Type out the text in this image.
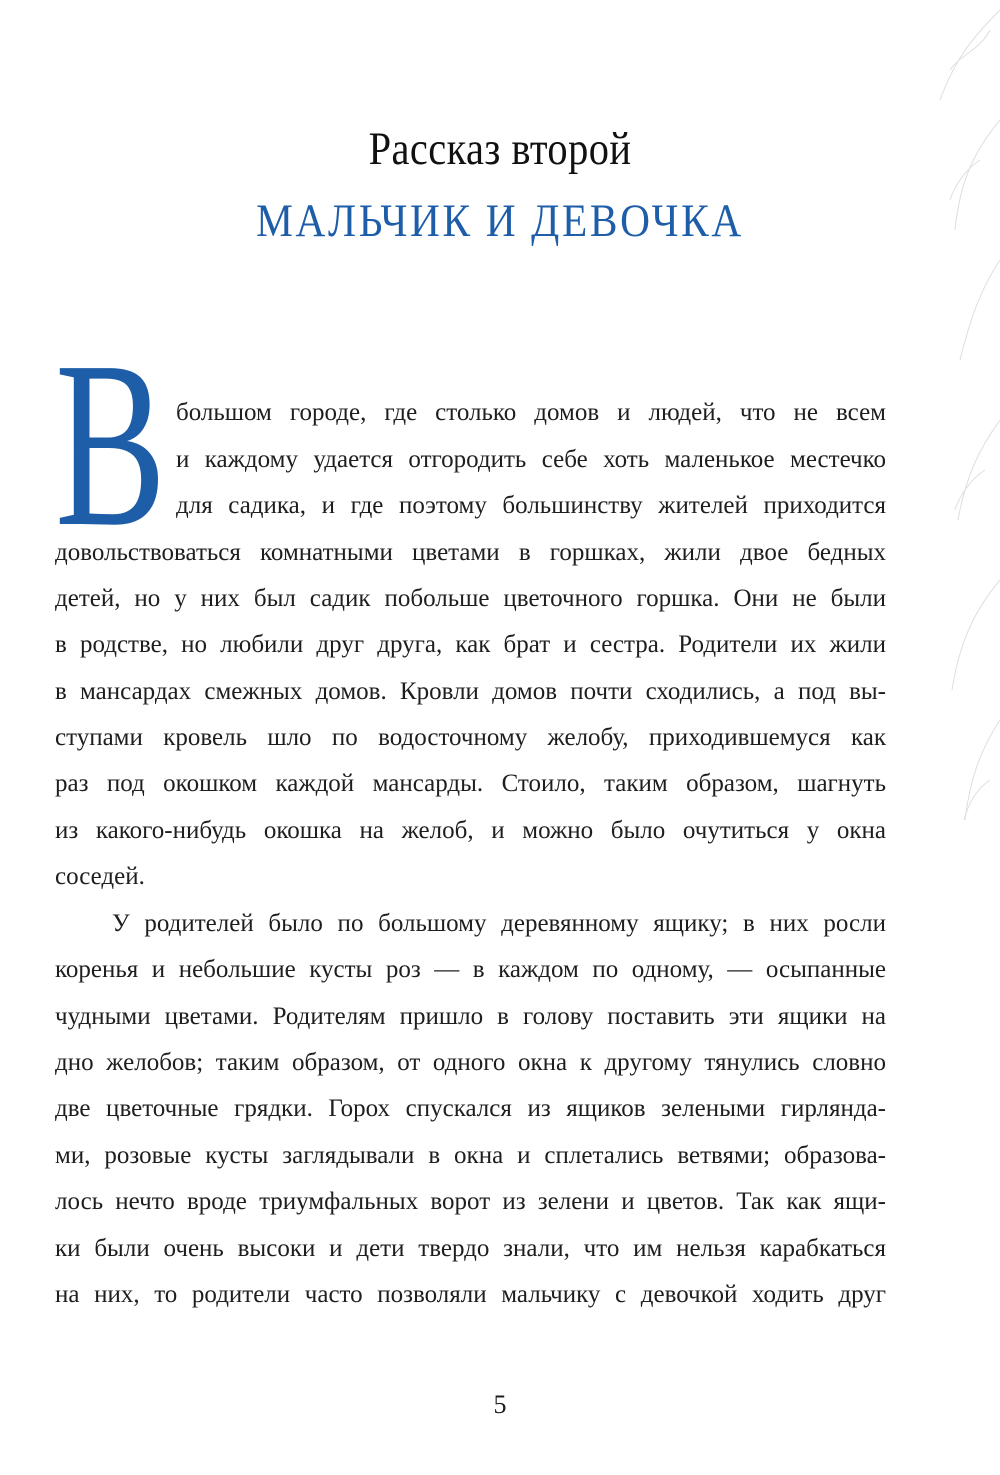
Рассказ второй
МАЛЬЧИК И ДЕВОЧКА
В большом городе, где столько домов и людей, что не всем
и каждому удается отгородить себе хоть маленькое местечко
для садика, и где поэтому большинству жителей приходится
довольствоваться комнатными цветами в горшках, жили двое бедных
детей, но у них был садик побольше цветочного горшка. Они не были
в родстве, но любили друг друга, как брат и сестра. Родители их жили
в мансардах смежных домов. Кровли домов почти сходились, а под вы-
ступами кровель шло по водосточному желобу, приходившемуся как
раз под окошком каждой мансарды. Стоило, таким образом, шагнуть
из какого-нибудь окошка на желоб, и можно было очутиться у окна
соседей.
У родителей было по большому деревянному ящику; в них росли
коренья и небольшие кусты роз — в каждом по одному, — осыпанные
чудными цветами. Родителям пришло в голову поставить эти ящики на
дно желобов; таким образом, от одного окна к другому тянулись словно
две цветочные грядки. Горох спускался из ящиков зелеными гирлянда-
ми, розовые кусты заглядывали в окна и сплетались ветвями; образова-
лось нечто вроде триумфальных ворот из зелени и цветов. Так как ящи-
ки были очень высоки и дети твердо знали, что им нельзя карабкаться
на них, то родители часто позволяли мальчику с девочкой ходить друг
5
